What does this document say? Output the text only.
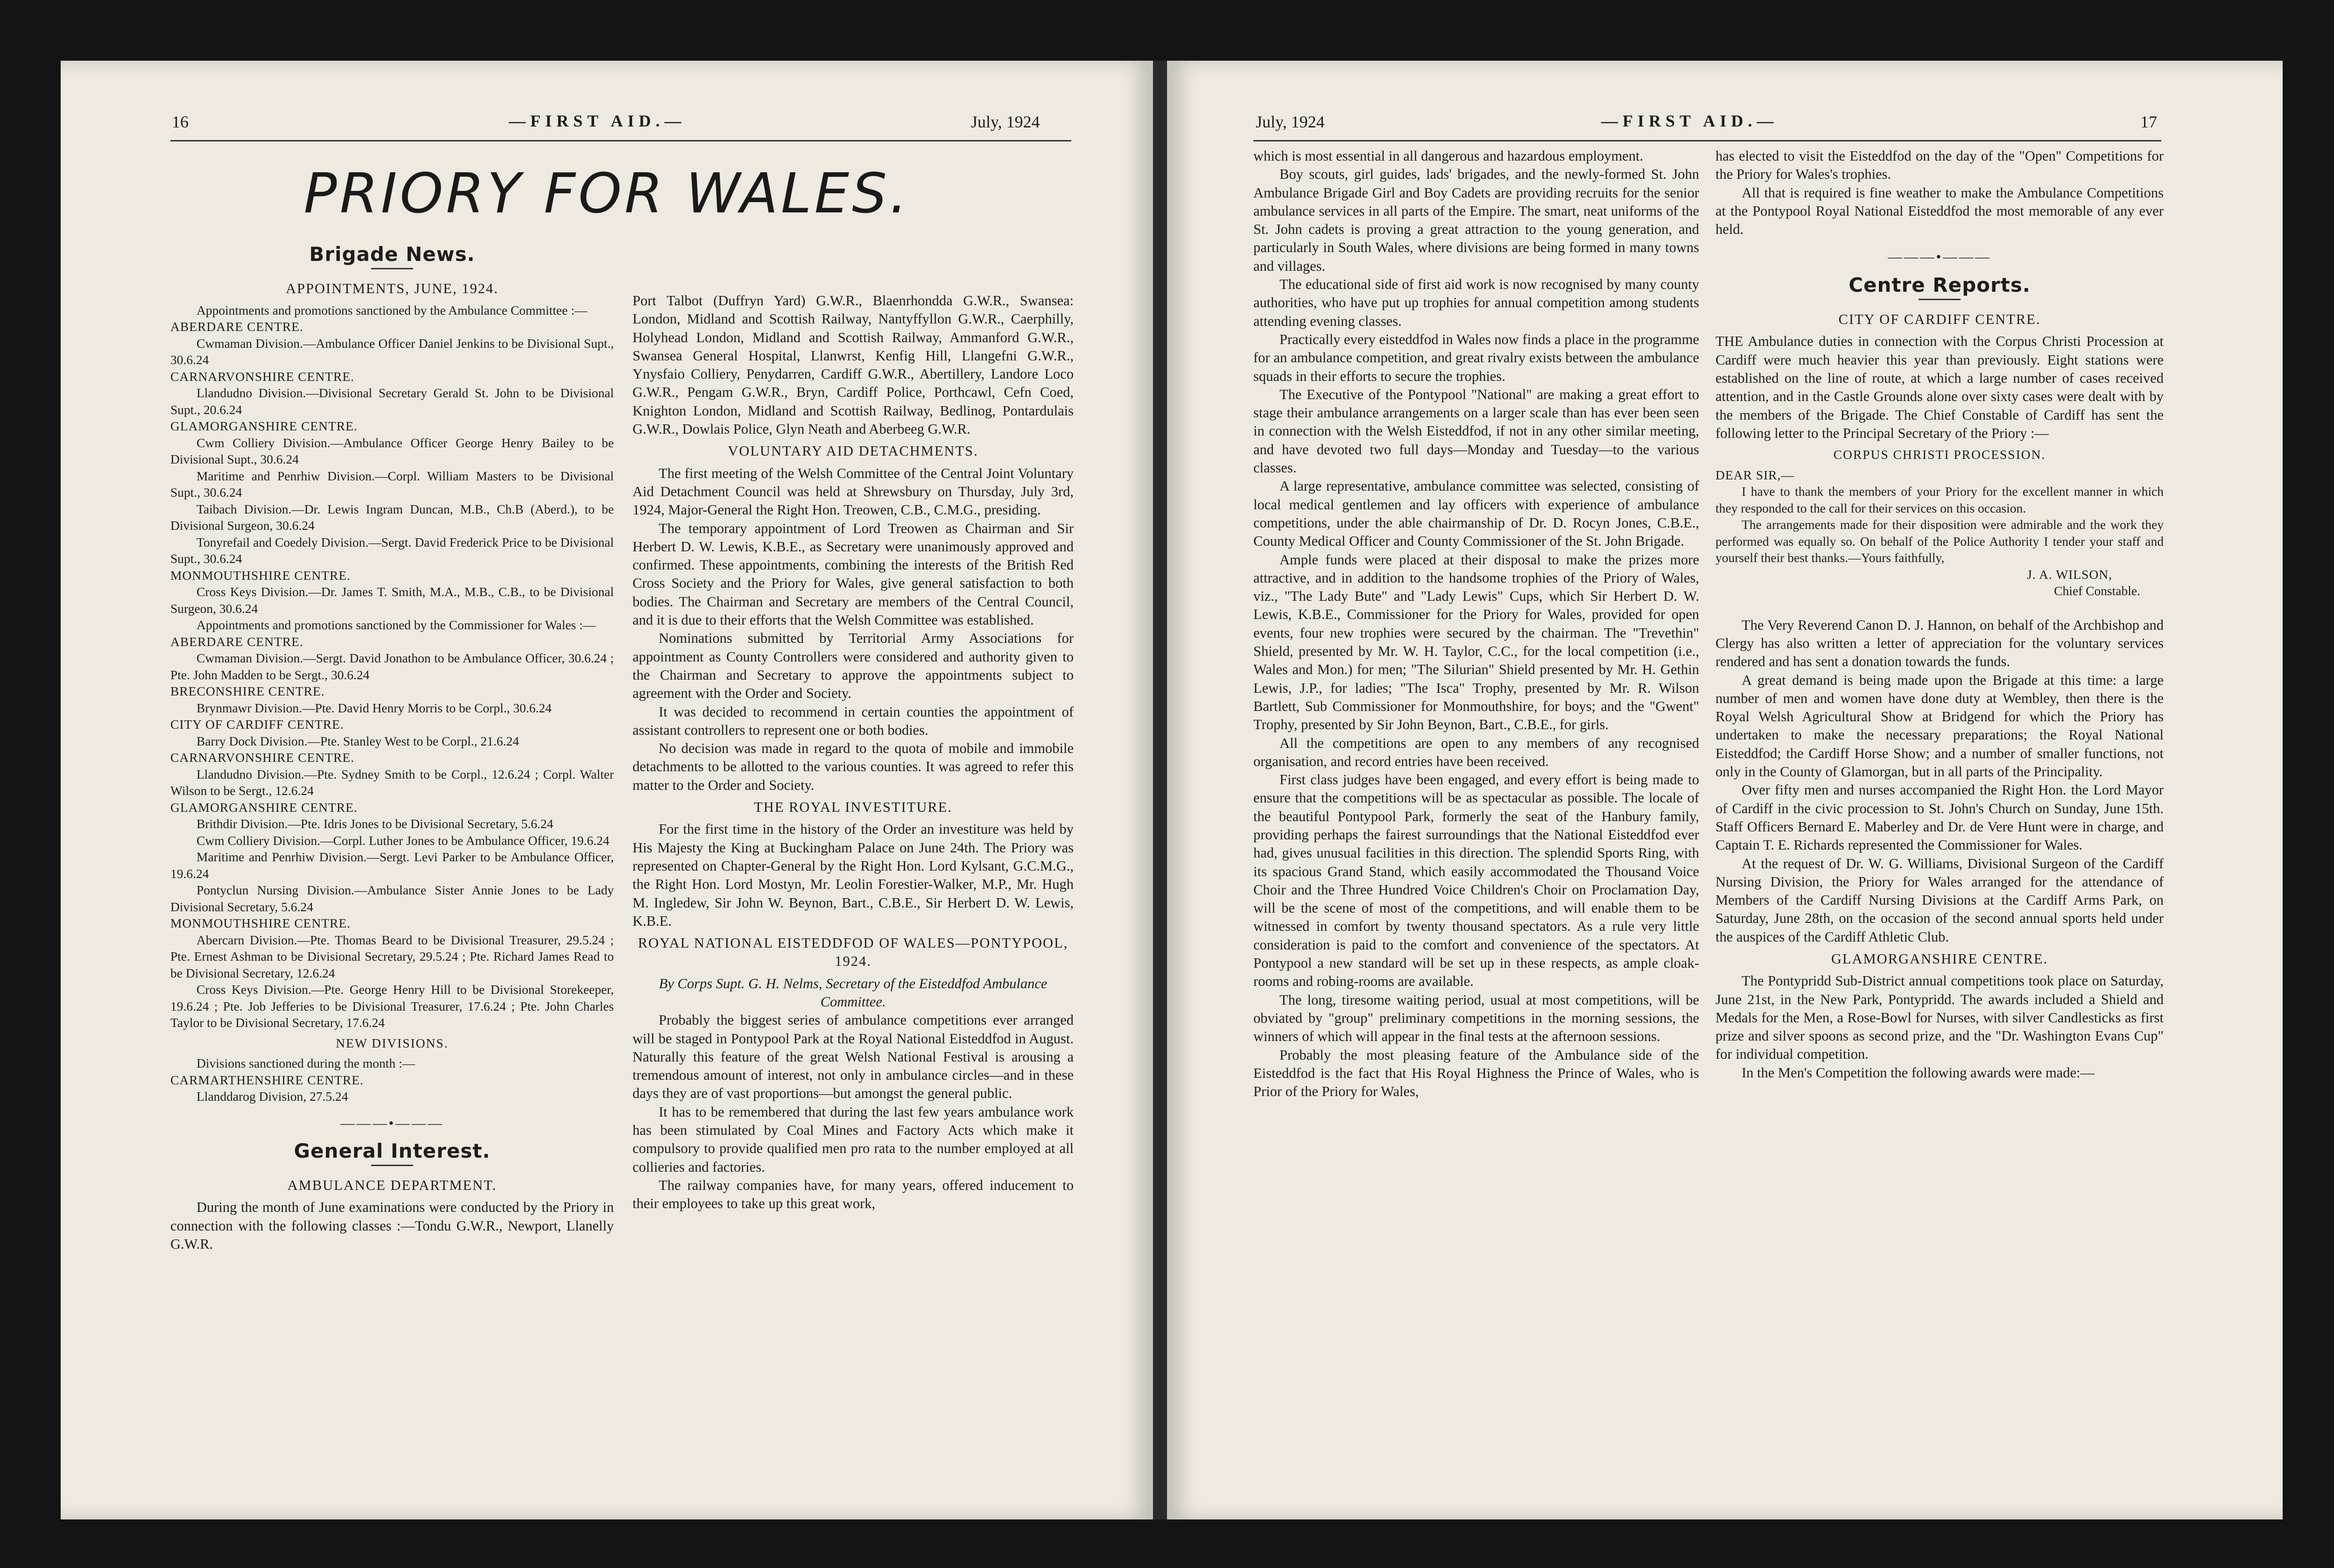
16	—FIRST AID.—	July, 1924
PRIORY FOR WALES.

Brigade News.

APPOINTMENTS, JUNE, 1924.

Appointments and promotions sanctioned by the Ambulance Committee :—

ABERDARE CENTRE.

Cwmaman Division.—Ambulance Officer Daniel Jenkins to be Divisional Supt., 30.6.24

CARNARVONSHIRE CENTRE.

Llandudno Division.—Divisional Secretary Gerald St. John to be Divisional Supt., 20.6.24

GLAMORGANSHIRE CENTRE.

Cwm Colliery Division.—Ambulance Officer George Henry Bailey to be Divisional Supt., 30.6.24

Maritime and Penrhiw Division.—Corpl. William Masters to be Divisional Supt., 30.6.24

Taibach Division.—Dr. Lewis Ingram Duncan, M.B., Ch.B (Aberd.), to be Divisional Surgeon, 30.6.24

Tonyrefail and Coedely Division.—Sergt. David Frederick Price to be Divisional Supt., 30.6.24

MONMOUTHSHIRE CENTRE.

Cross Keys Division.—Dr. James T. Smith, M.A., M.B., C.B., to be Divisional Surgeon, 30.6.24

Appointments and promotions sanctioned by the Commissioner for Wales :—

ABERDARE CENTRE.

Cwmaman Division.—Sergt. David Jonathon to be Ambulance Officer, 30.6.24 ; Pte. John Madden to be Sergt., 30.6.24

BRECONSHIRE CENTRE.

Brynmawr Division.—Pte. David Henry Morris to be Corpl., 30.6.24

CITY OF CARDIFF CENTRE.

Barry Dock Division.—Pte. Stanley West to be Corpl., 21.6.24

CARNARVONSHIRE CENTRE.

Llandudno Division.—Pte. Sydney Smith to be Corpl., 12.6.24 ; Corpl. Walter Wilson to be Sergt., 12.6.24

GLAMORGANSHIRE CENTRE.

Brithdir Division.—Pte. Idris Jones to be Divisional Secretary, 5.6.24

Cwm Colliery Division.—Corpl. Luther Jones to be Ambulance Officer, 19.6.24

Maritime and Penrhiw Division.—Sergt. Levi Parker to be Ambulance Officer, 19.6.24

Pontyclun Nursing Division.—Ambulance Sister Annie Jones to be Lady Divisional Secretary, 5.6.24

MONMOUTHSHIRE CENTRE.

Abercarn Division.—Pte. Thomas Beard to be Divisional Treasurer, 29.5.24 ; Pte. Ernest Ashman to be Divisional Secretary, 29.5.24 ; Pte. Richard James Read to be Divisional Secretary, 12.6.24

Cross Keys Division.—Pte. George Henry Hill to be Divisional Storekeeper, 19.6.24 ; Pte. Job Jefferies to be Divisional Treasurer, 17.6.24 ; Pte. John Charles Taylor to be Divisional Secretary, 17.6.24

NEW DIVISIONS.

Divisions sanctioned during the month :—

CARMARTHENSHIRE CENTRE.

Llanddarog Division, 27.5.24

———•———

General Interest.

AMBULANCE DEPARTMENT.

During the month of June examinations were conducted by the Priory in connection with the following classes :—Tondu G.W.R., Newport, Llanelly G.W.R.

Port Talbot (Duffryn Yard) G.W.R., Blaenrhondda G.W.R., Swansea: London, Midland and Scottish Railway, Nantyffyllon G.W.R., Caerphilly, Holyhead London, Midland and Scottish Railway, Ammanford G.W.R., Swansea General Hospital, Llanwrst, Kenfig Hill, Llangefni G.W.R., Ynysfaio Colliery, Penydarren, Cardiff G.W.R., Abertillery, Landore Loco G.W.R., Pengam G.W.R., Bryn, Cardiff Police, Porthcawl, Cefn Coed, Knighton London, Midland and Scottish Railway, Bedlinog, Pontardulais G.W.R., Dowlais Police, Glyn Neath and Aberbeeg G.W.R.

VOLUNTARY AID DETACHMENTS.

The first meeting of the Welsh Committee of the Central Joint Voluntary Aid Detachment Council was held at Shrewsbury on Thursday, July 3rd, 1924, Major-General the Right Hon. Treowen, C.B., C.M.G., presiding.

The temporary appointment of Lord Treowen as Chairman and Sir Herbert D. W. Lewis, K.B.E., as Secretary were unanimously approved and confirmed. These appointments, combining the interests of the British Red Cross Society and the Priory for Wales, give general satisfaction to both bodies. The Chairman and Secretary are members of the Central Council, and it is due to their efforts that the Welsh Committee was established.

Nominations submitted by Territorial Army Associations for appointment as County Controllers were considered and authority given to the Chairman and Secretary to approve the appointments subject to agreement with the Order and Society.

It was decided to recommend in certain counties the appointment of assistant controllers to represent one or both bodies.

No decision was made in regard to the quota of mobile and immobile detachments to be allotted to the various counties. It was agreed to refer this matter to the Order and Society.

THE ROYAL INVESTITURE.

For the first time in the history of the Order an investiture was held by His Majesty the King at Buckingham Palace on June 24th. The Priory was represented on Chapter-General by the Right Hon. Lord Kylsant, G.C.M.G., the Right Hon. Lord Mostyn, Mr. Leolin Forestier-Walker, M.P., Mr. Hugh M. Ingledew, Sir John W. Beynon, Bart., C.B.E., Sir Herbert D. W. Lewis, K.B.E.

ROYAL NATIONAL EISTEDDFOD OF WALES—PONTYPOOL, 1924.

By Corps Supt. G. H. Nelms, Secretary of the Eisteddfod Ambulance Committee.

Probably the biggest series of ambulance competitions ever arranged will be staged in Pontypool Park at the Royal National Eisteddfod in August. Naturally this feature of the great Welsh National Festival is arousing a tremendous amount of interest, not only in ambulance circles—and in these days they are of vast proportions—but amongst the general public.

It has to be remembered that during the last few years ambulance work has been stimulated by Coal Mines and Factory Acts which make it compulsory to provide qualified men pro rata to the number employed at all collieries and factories.

The railway companies have, for many years, offered inducement to their employees to take up this great work,

July, 1924	—FIRST AID.—	17

which is most essential in all dangerous and hazardous employment.

Boy scouts, girl guides, lads' brigades, and the newly-formed St. John Ambulance Brigade Girl and Boy Cadets are providing recruits for the senior ambulance services in all parts of the Empire. The smart, neat uniforms of the St. John cadets is proving a great attraction to the young generation, and particularly in South Wales, where divisions are being formed in many towns and villages.

The educational side of first aid work is now recognised by many county authorities, who have put up trophies for annual competition among students attending evening classes.

Practically every eisteddfod in Wales now finds a place in the programme for an ambulance competition, and great rivalry exists between the ambulance squads in their efforts to secure the trophies.

The Executive of the Pontypool "National" are making a great effort to stage their ambulance arrangements on a larger scale than has ever been seen in connection with the Welsh Eisteddfod, if not in any other similar meeting, and have devoted two full days—Monday and Tuesday—to the various classes.

A large representative, ambulance committee was selected, consisting of local medical gentlemen and lay officers with experience of ambulance competitions, under the able chairmanship of Dr. D. Rocyn Jones, C.B.E., County Medical Officer and County Commissioner of the St. John Brigade.

Ample funds were placed at their disposal to make the prizes more attractive, and in addition to the handsome trophies of the Priory of Wales, viz., "The Lady Bute" and "Lady Lewis" Cups, which Sir Herbert D. W. Lewis, K.B.E., Commissioner for the Priory for Wales, provided for open events, four new trophies were secured by the chairman. The "Trevethin" Shield, presented by Mr. W. H. Taylor, C.C., for the local competition (i.e., Wales and Mon.) for men; "The Silurian" Shield presented by Mr. H. Gethin Lewis, J.P., for ladies; "The Isca" Trophy, presented by Mr. R. Wilson Bartlett, Sub Commissioner for Monmouthshire, for boys; and the "Gwent" Trophy, presented by Sir John Beynon, Bart., C.B.E., for girls.

All the competitions are open to any members of any recognised organisation, and record entries have been received.

First class judges have been engaged, and every effort is being made to ensure that the competitions will be as spectacular as possible. The locale of the beautiful Pontypool Park, formerly the seat of the Hanbury family, providing perhaps the fairest surroundings that the National Eisteddfod ever had, gives unusual facilities in this direction. The splendid Sports Ring, with its spacious Grand Stand, which easily accommodated the Thousand Voice Choir and the Three Hundred Voice Children's Choir on Proclamation Day, will be the scene of most of the competitions, and will enable them to be witnessed in comfort by twenty thousand spectators. As a rule very little consideration is paid to the comfort and convenience of the spectators. At Pontypool a new standard will be set up in these respects, as ample cloak-rooms and robing-rooms are available.

The long, tiresome waiting period, usual at most competitions, will be obviated by "group" preliminary competitions in the morning sessions, the winners of which will appear in the final tests at the afternoon sessions.

Probably the most pleasing feature of the Ambulance side of the Eisteddfod is the fact that His Royal Highness the Prince of Wales, who is Prior of the Priory for Wales,

has elected to visit the Eisteddfod on the day of the "Open" Competitions for the Priory for Wales's trophies.

All that is required is fine weather to make the Ambulance Competitions at the Pontypool Royal National Eisteddfod the most memorable of any ever held.

———•———

Centre Reports.

CITY OF CARDIFF CENTRE.

THE Ambulance duties in connection with the Corpus Christi Procession at Cardiff were much heavier this year than previously. Eight stations were established on the line of route, at which a large number of cases received attention, and in the Castle Grounds alone over sixty cases were dealt with by the members of the Brigade. The Chief Constable of Cardiff has sent the following letter to the Principal Secretary of the Priory :—

CORPUS CHRISTI PROCESSION.

DEAR SIR,—

I have to thank the members of your Priory for the excellent manner in which they responded to the call for their services on this occasion.

The arrangements made for their disposition were admirable and the work they performed was equally so. On behalf of the Police Authority I tender your staff and yourself their best thanks.—Yours faithfully,

J. A. WILSON,

Chief Constable.

The Very Reverend Canon D. J. Hannon, on behalf of the Archbishop and Clergy has also written a letter of appreciation for the voluntary services rendered and has sent a donation towards the funds.

A great demand is being made upon the Brigade at this time: a large number of men and women have done duty at Wembley, then there is the Royal Welsh Agricultural Show at Bridgend for which the Priory has undertaken to make the necessary preparations; the Royal National Eisteddfod; the Cardiff Horse Show; and a number of smaller functions, not only in the County of Glamorgan, but in all parts of the Principality.

Over fifty men and nurses accompanied the Right Hon. the Lord Mayor of Cardiff in the civic procession to St. John's Church on Sunday, June 15th. Staff Officers Bernard E. Maberley and Dr. de Vere Hunt were in charge, and Captain T. E. Richards represented the Commissioner for Wales.

At the request of Dr. W. G. Williams, Divisional Surgeon of the Cardiff Nursing Division, the Priory for Wales arranged for the attendance of Members of the Cardiff Nursing Divisions at the Cardiff Arms Park, on Saturday, June 28th, on the occasion of the second annual sports held under the auspices of the Cardiff Athletic Club.

GLAMORGANSHIRE CENTRE.

The Pontypridd Sub-District annual competitions took place on Saturday, June 21st, in the New Park, Pontypridd. The awards included a Shield and Medals for the Men, a Rose-Bowl for Nurses, with silver Candlesticks as first prize and silver spoons as second prize, and the "Dr. Washington Evans Cup" for individual competition.

In the Men's Competition the following awards were made:—
